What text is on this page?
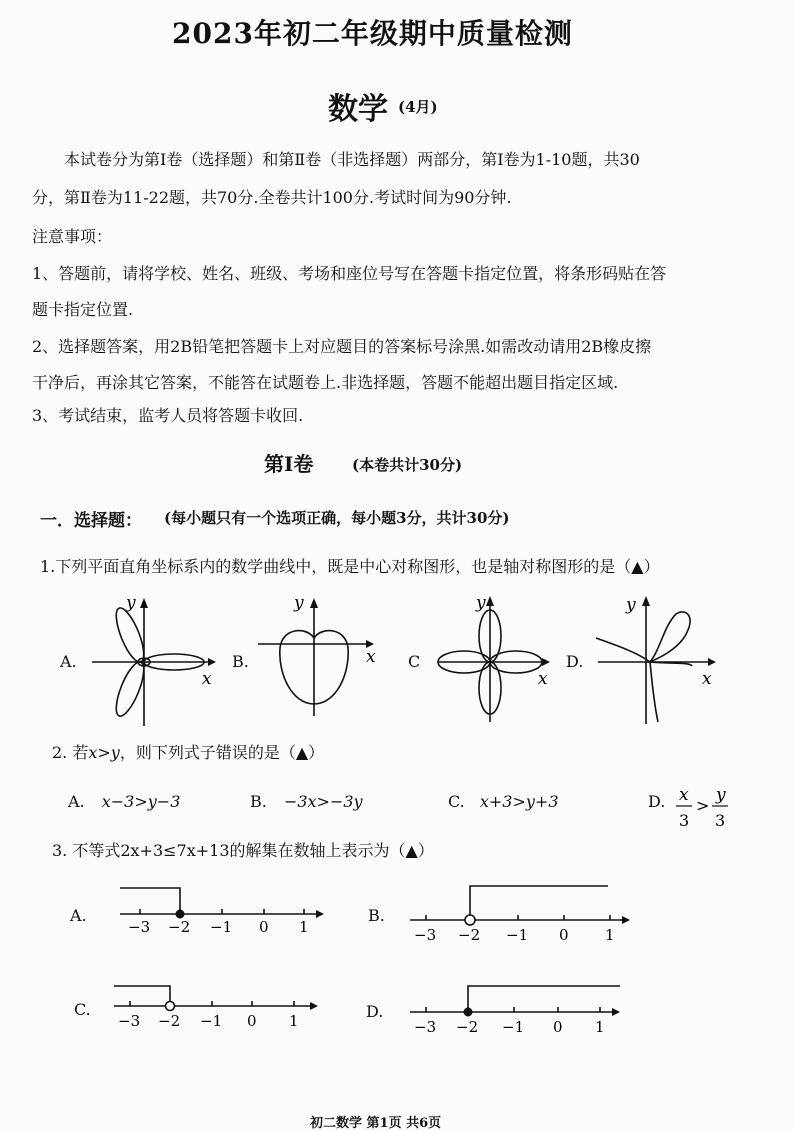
2023年初二年级期中质量检测
数学 (4月)
本试卷分为第Ⅰ卷（选择题）和第Ⅱ卷（非选择题）两部分，第Ⅰ卷为1-10题，共30
分，第Ⅱ卷为11-22题，共70分.全卷共计100分.考试时间为90分钟.
注意事项：
1、答题前，请将学校、姓名、班级、考场和座位号写在答题卡指定位置，将条形码贴在答
题卡指定位置.
2、选择题答案，用2B铅笔把答题卡上对应题目的答案标号涂黑.如需改动请用2B橡皮擦
干净后，再涂其它答案，不能答在试题卷上.非选择题，答题不能超出题目指定区域.
3、考试结束，监考人员将答题卡收回.
第Ⅰ卷	(本卷共计30分)
一．选择题： (每小题只有一个选项正确，每小题3分，共计30分)
1.下列平面直角坐标系内的数学曲线中，既是中心对称图形，也是轴对称图形的是（▲）
A.
x
y
B.	x
y
C
x
y
D.
x
y
2. 若x>y，则下列式子错误的是（▲）
A. x−3>y−3	B. −3x>−3y	C. x+3>y+3	D. x
3
>
y
3
3. 不等式2x+3≤7x+13的解集在数轴上表示为（▲）
A.
−3 −2 −1 0 1
B.
−3 −2 −1 0 1
C.
−3 −2 −1 0 1	D.
−3 −2 −1 0 1
初二数学 第1页 共6页
